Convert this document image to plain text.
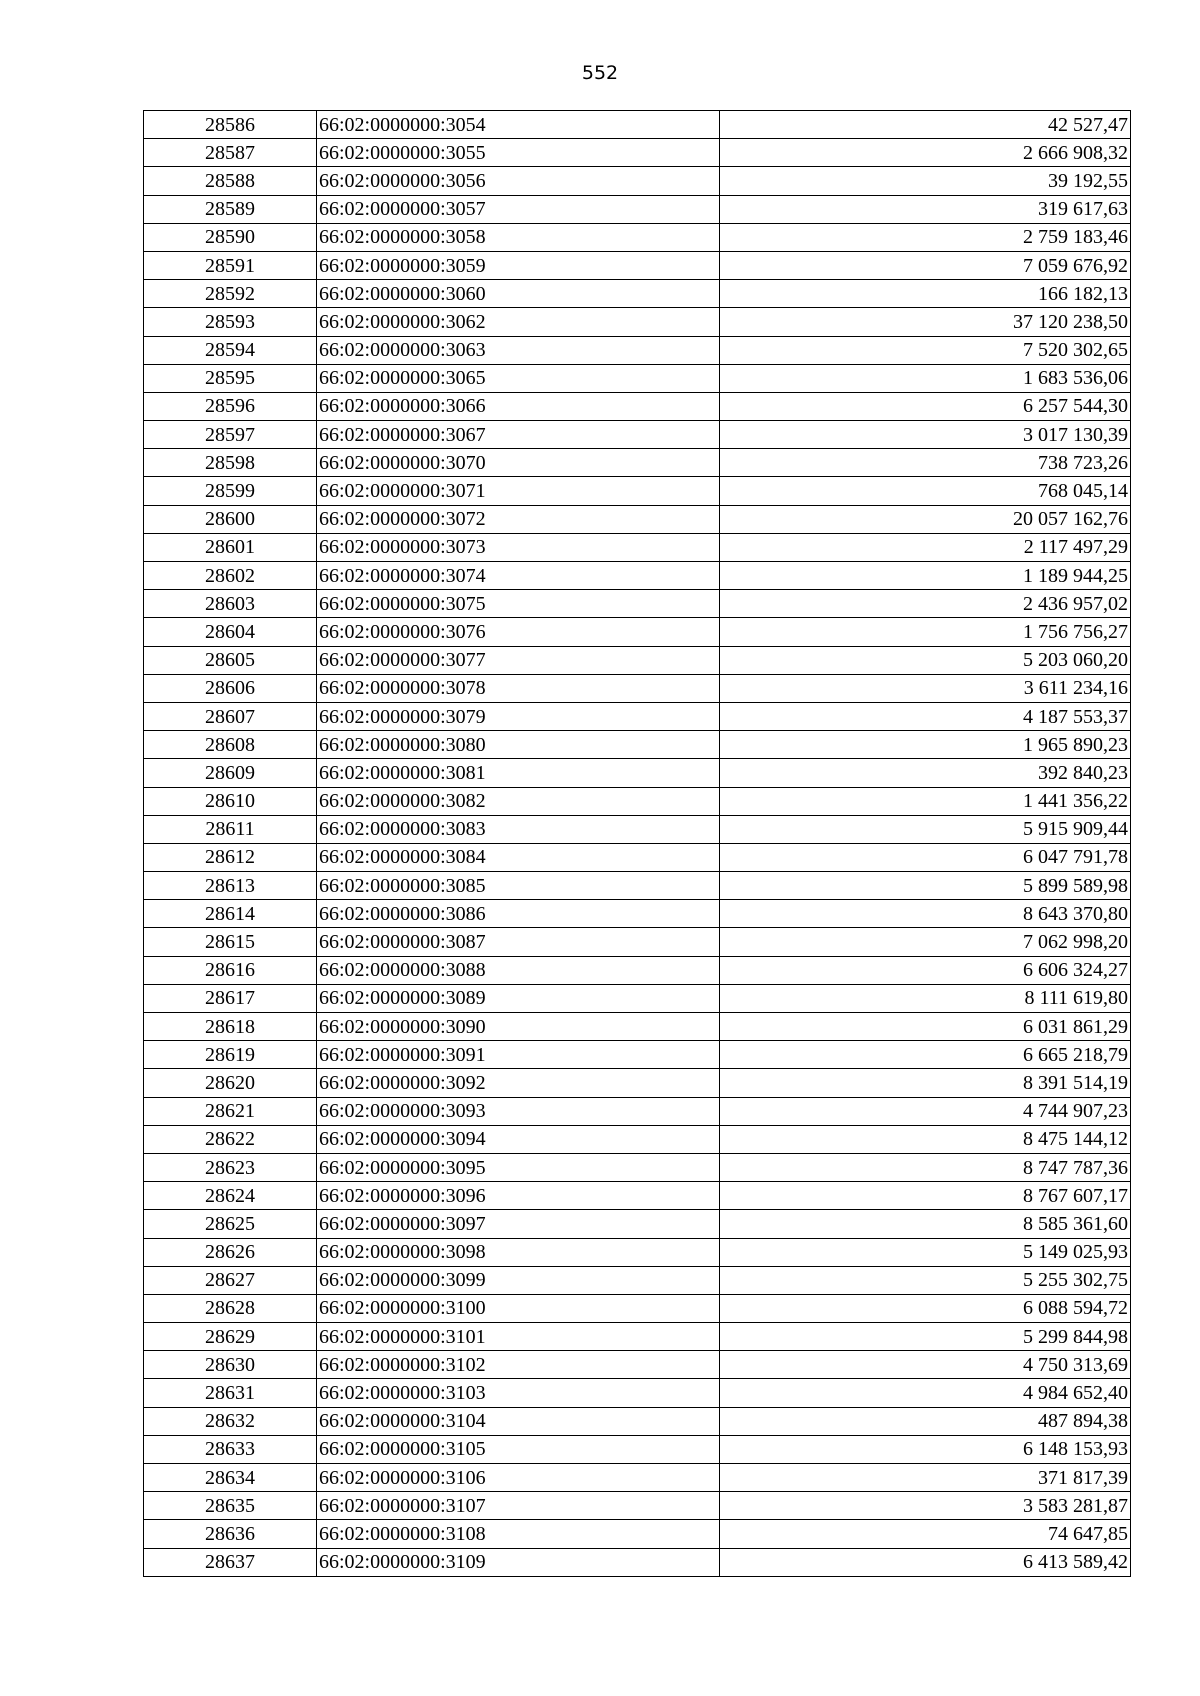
552
28586	66:02:0000000:3054	42 527,47
28587	66:02:0000000:3055	2 666 908,32
28588	66:02:0000000:3056	39 192,55
28589	66:02:0000000:3057	319 617,63
28590	66:02:0000000:3058	2 759 183,46
28591	66:02:0000000:3059	7 059 676,92
28592	66:02:0000000:3060	166 182,13
28593	66:02:0000000:3062	37 120 238,50
28594	66:02:0000000:3063	7 520 302,65
28595	66:02:0000000:3065	1 683 536,06
28596	66:02:0000000:3066	6 257 544,30
28597	66:02:0000000:3067	3 017 130,39
28598	66:02:0000000:3070	738 723,26
28599	66:02:0000000:3071	768 045,14
28600	66:02:0000000:3072	20 057 162,76
28601	66:02:0000000:3073	2 117 497,29
28602	66:02:0000000:3074	1 189 944,25
28603	66:02:0000000:3075	2 436 957,02
28604	66:02:0000000:3076	1 756 756,27
28605	66:02:0000000:3077	5 203 060,20
28606	66:02:0000000:3078	3 611 234,16
28607	66:02:0000000:3079	4 187 553,37
28608	66:02:0000000:3080	1 965 890,23
28609	66:02:0000000:3081	392 840,23
28610	66:02:0000000:3082	1 441 356,22
28611	66:02:0000000:3083	5 915 909,44
28612	66:02:0000000:3084	6 047 791,78
28613	66:02:0000000:3085	5 899 589,98
28614	66:02:0000000:3086	8 643 370,80
28615	66:02:0000000:3087	7 062 998,20
28616	66:02:0000000:3088	6 606 324,27
28617	66:02:0000000:3089	8 111 619,80
28618	66:02:0000000:3090	6 031 861,29
28619	66:02:0000000:3091	6 665 218,79
28620	66:02:0000000:3092	8 391 514,19
28621	66:02:0000000:3093	4 744 907,23
28622	66:02:0000000:3094	8 475 144,12
28623	66:02:0000000:3095	8 747 787,36
28624	66:02:0000000:3096	8 767 607,17
28625	66:02:0000000:3097	8 585 361,60
28626	66:02:0000000:3098	5 149 025,93
28627	66:02:0000000:3099	5 255 302,75
28628	66:02:0000000:3100	6 088 594,72
28629	66:02:0000000:3101	5 299 844,98
28630	66:02:0000000:3102	4 750 313,69
28631	66:02:0000000:3103	4 984 652,40
28632	66:02:0000000:3104	487 894,38
28633	66:02:0000000:3105	6 148 153,93
28634	66:02:0000000:3106	371 817,39
28635	66:02:0000000:3107	3 583 281,87
28636	66:02:0000000:3108	74 647,85
28637	66:02:0000000:3109	6 413 589,42
